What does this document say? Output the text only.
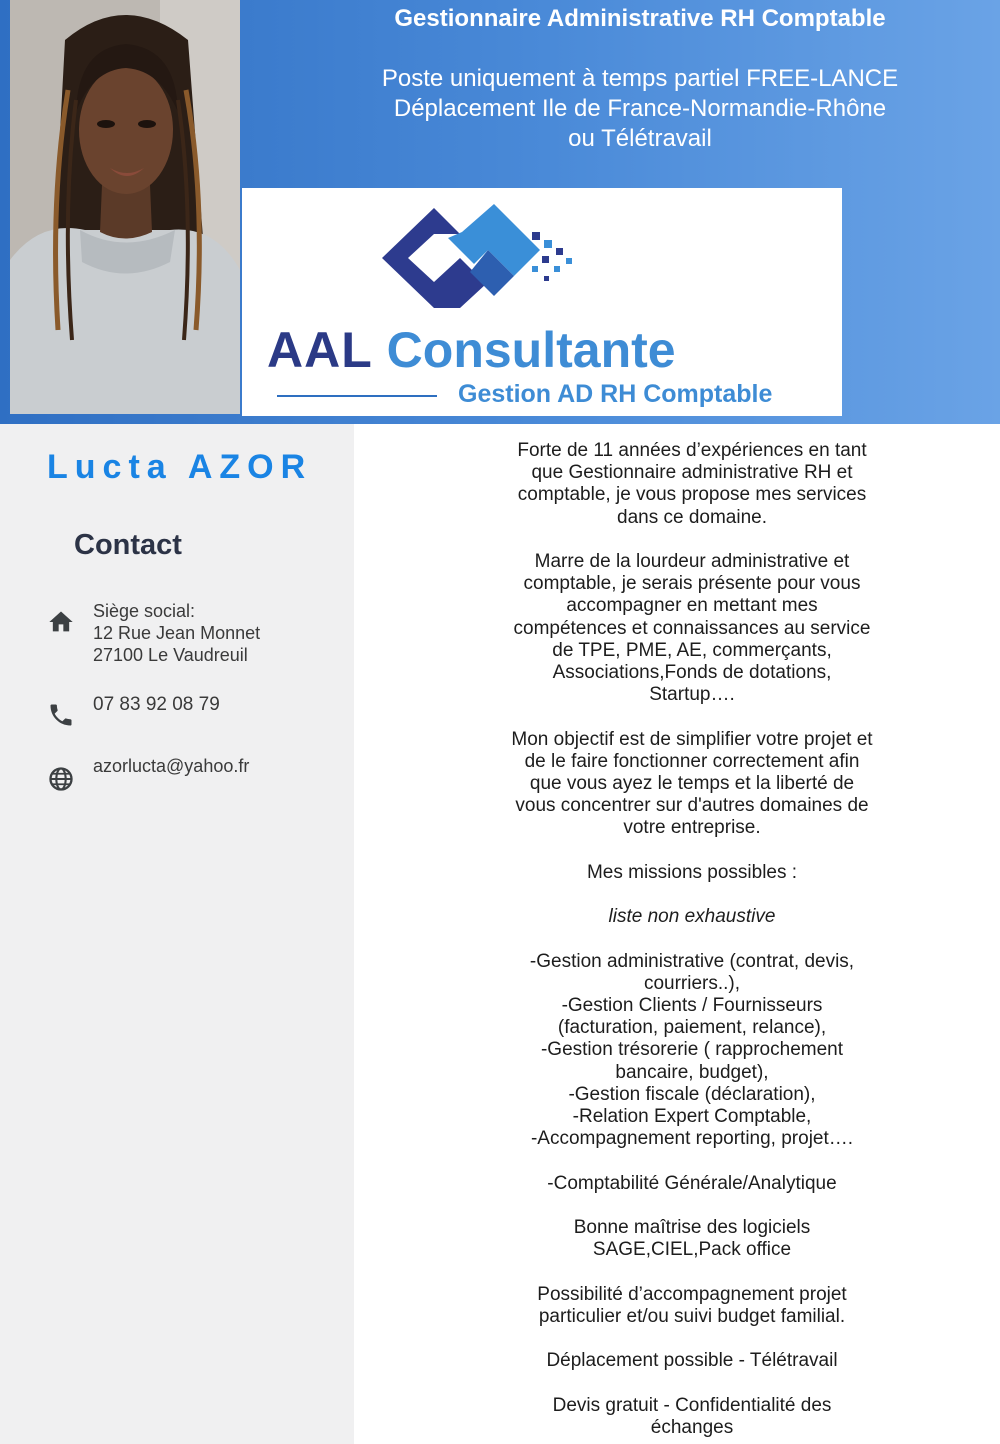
Gestionnaire Administrative RH Comptable
Poste uniquement à temps partiel FREE-LANCE
Déplacement Ile de France-Normandie-Rhône
ou Télétravail
AAL Consultante
Gestion AD RH Comptable
Lucta AZOR
Contact
Siège social:
12 Rue Jean Monnet
27100 Le Vaudreuil
07 83 92 08 79
azorlucta@yahoo.fr
Forte de 11 années d’expériences en tant
que Gestionnaire administrative RH et
comptable, je vous propose mes services
dans ce domaine.
Marre de la lourdeur administrative et
comptable, je serais présente pour vous
accompagner en mettant mes
compétences et connaissances au service
de TPE, PME, AE, commerçants,
Associations,Fonds de dotations,
Startup….
Mon objectif est de simplifier votre projet et
de le faire fonctionner correctement afin
que vous ayez le temps et la liberté de
vous concentrer sur d'autres domaines de
votre entreprise.
Mes missions possibles :
liste non exhaustive
-Gestion administrative (contrat, devis,
courriers..),
-Gestion Clients / Fournisseurs
(facturation, paiement, relance),
-Gestion trésorerie ( rapprochement
bancaire, budget),
-Gestion fiscale (déclaration),
-Relation Expert Comptable,
-Accompagnement reporting, projet….
-Comptabilité Générale/Analytique
Bonne maîtrise des logiciels
SAGE,CIEL,Pack office
Possibilité d’accompagnement projet
particulier et/ou suivi budget familial.
Déplacement possible - Télétravail
Devis gratuit - Confidentialité des
échanges
